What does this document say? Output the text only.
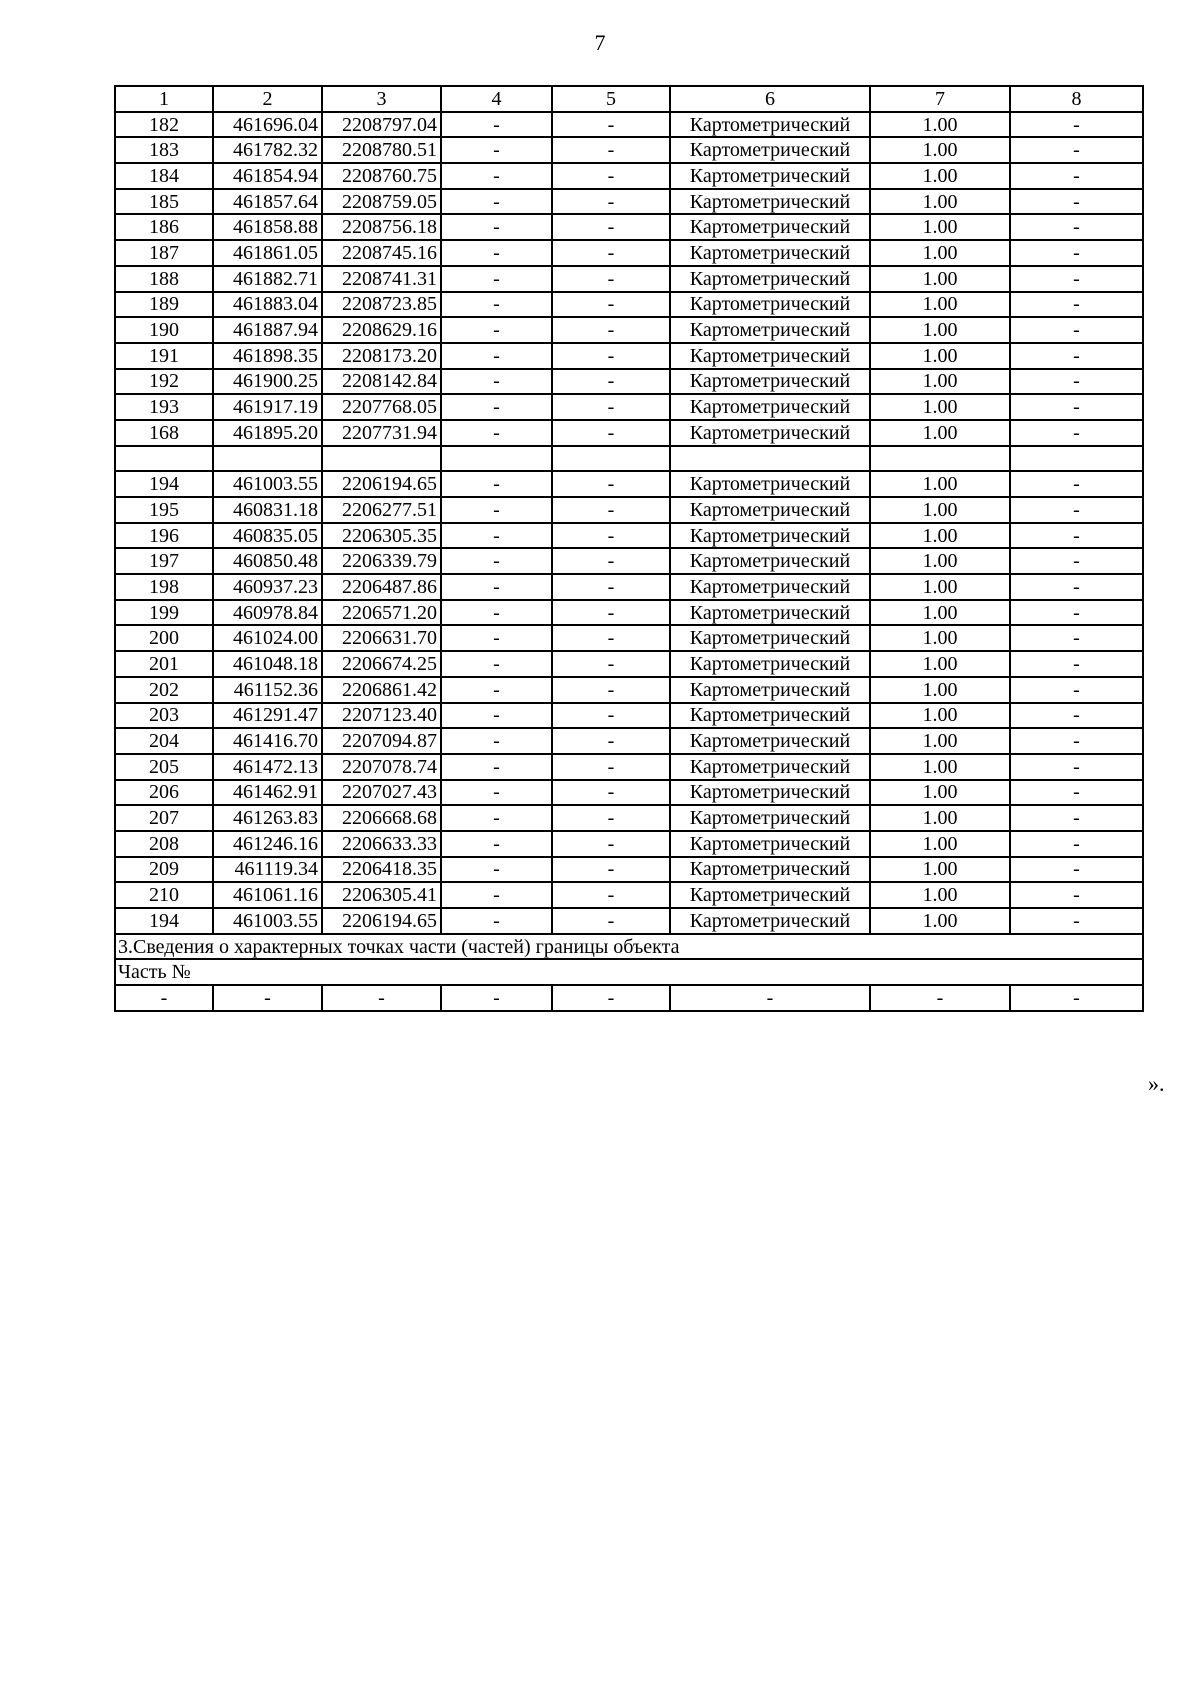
7
1	2	3	4	5	6	7	8
182	461696.04	2208797.04	-	-	Картометрический	1.00	-
183	461782.32	2208780.51	-	-	Картометрический	1.00	-
184	461854.94	2208760.75	-	-	Картометрический	1.00	-
185	461857.64	2208759.05	-	-	Картометрический	1.00	-
186	461858.88	2208756.18	-	-	Картометрический	1.00	-
187	461861.05	2208745.16	-	-	Картометрический	1.00	-
188	461882.71	2208741.31	-	-	Картометрический	1.00	-
189	461883.04	2208723.85	-	-	Картометрический	1.00	-
190	461887.94	2208629.16	-	-	Картометрический	1.00	-
191	461898.35	2208173.20	-	-	Картометрический	1.00	-
192	461900.25	2208142.84	-	-	Картометрический	1.00	-
193	461917.19	2207768.05	-	-	Картометрический	1.00	-
168	461895.20	2207731.94	-	-	Картометрический	1.00	-

194	461003.55	2206194.65	-	-	Картометрический	1.00	-
195	460831.18	2206277.51	-	-	Картометрический	1.00	-
196	460835.05	2206305.35	-	-	Картометрический	1.00	-
197	460850.48	2206339.79	-	-	Картометрический	1.00	-
198	460937.23	2206487.86	-	-	Картометрический	1.00	-
199	460978.84	2206571.20	-	-	Картометрический	1.00	-
200	461024.00	2206631.70	-	-	Картометрический	1.00	-
201	461048.18	2206674.25	-	-	Картометрический	1.00	-
202	461152.36	2206861.42	-	-	Картометрический	1.00	-
203	461291.47	2207123.40	-	-	Картометрический	1.00	-
204	461416.70	2207094.87	-	-	Картометрический	1.00	-
205	461472.13	2207078.74	-	-	Картометрический	1.00	-
206	461462.91	2207027.43	-	-	Картометрический	1.00	-
207	461263.83	2206668.68	-	-	Картометрический	1.00	-
208	461246.16	2206633.33	-	-	Картометрический	1.00	-
209	461119.34	2206418.35	-	-	Картометрический	1.00	-
210	461061.16	2206305.41	-	-	Картометрический	1.00	-
194	461003.55	2206194.65	-	-	Картометрический	1.00	-
3.Сведения о характерных точках части (частей) границы объекта							
Часть №							
-	-	-	-	-	-	-	-
».
